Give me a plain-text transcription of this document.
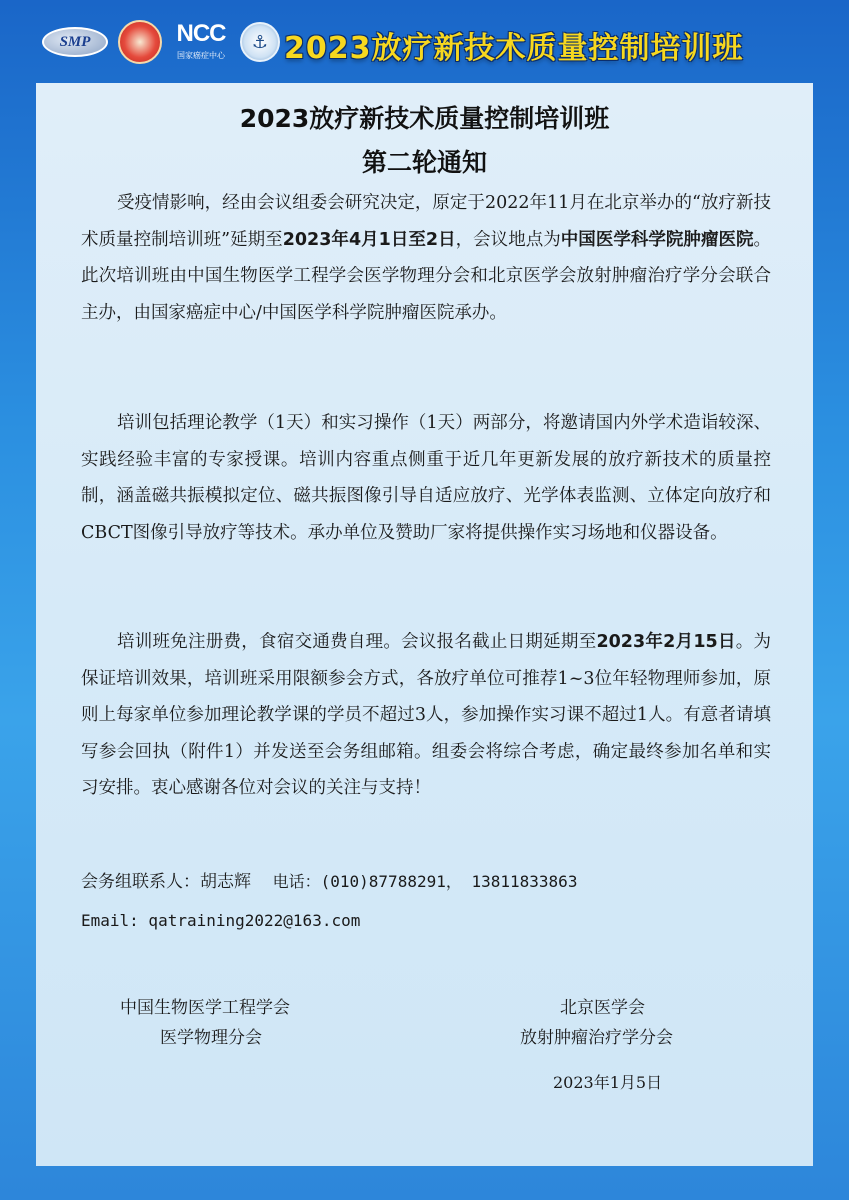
SMP	NCC
国家癌症中心
⚓ 2023放疗新技术质量控制培训班
2023放疗新技术质量控制培训班
第二轮通知

受疫情影响，经由会议组委会研究决定，原定于2022年11月在北京举办的“放疗新技术质量控制培训班”延期至2023年4月1日至2日，会议地点为中国医学科学院肿瘤医院。此次培训班由中国生物医学工程学会医学物理分会和北京医学会放射肿瘤治疗学分会联合主办，由国家癌症中心/中国医学科学院肿瘤医院承办。

培训包括理论教学（1天）和实习操作（1天）两部分，将邀请国内外学术造诣较深、实践经验丰富的专家授课。培训内容重点侧重于近几年更新发展的放疗新技术的质量控制，涵盖磁共振模拟定位、磁共振图像引导自适应放疗、光学体表监测、立体定向放疗和CBCT图像引导放疗等技术。承办单位及赞助厂家将提供操作实习场地和仪器设备。

培训班免注册费，食宿交通费自理。会议报名截止日期延期至2023年2月15日。为保证培训效果，培训班采用限额参会方式，各放疗单位可推荐1~3位年轻物理师参加，原则上每家单位参加理论教学课的学员不超过3人，参加操作实习课不超过1人。有意者请填写参会回执（附件1）并发送至会务组邮箱。组委会将综合考虑，确定最终参加名单和实习安排。衷心感谢各位对会议的关注与支持！

会务组联系人：胡志辉 电话：(010)87788291， 13811833863
Email: qatraining2022@163.com
中国生物医学工程学会
医学物理分会
北京医学会
放射肿瘤治疗学分会
2023年1月5日
